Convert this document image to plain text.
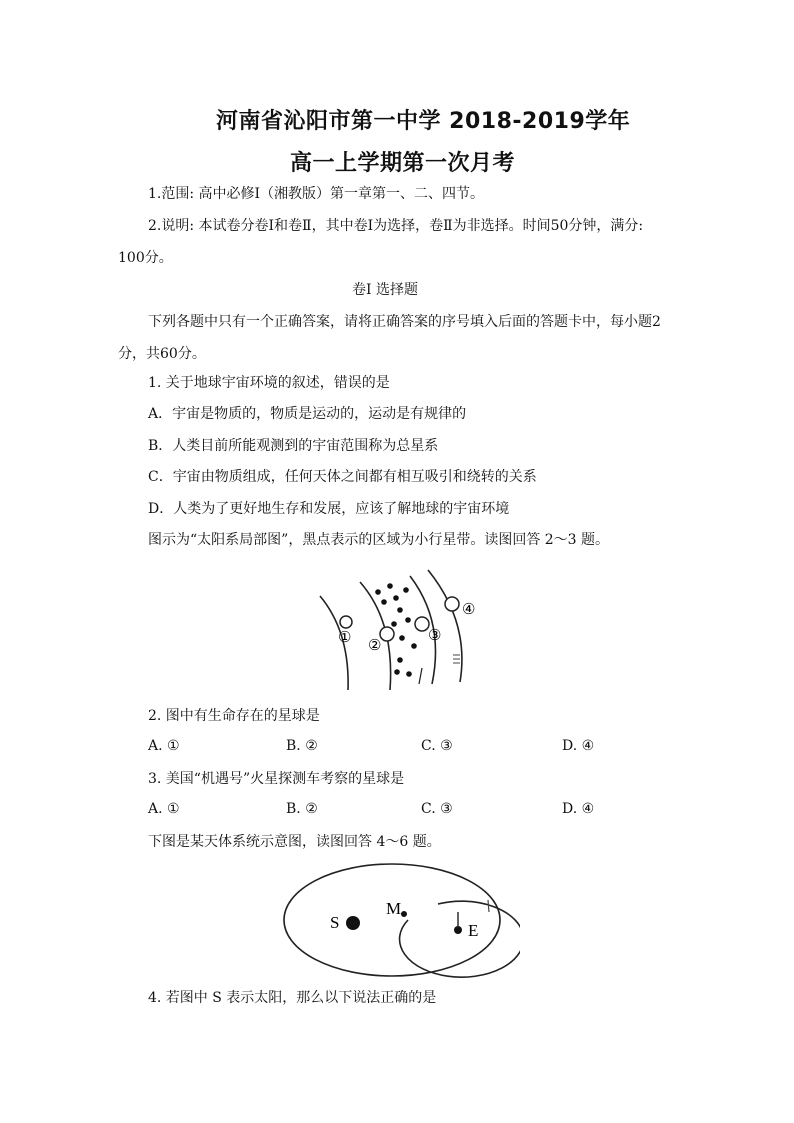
河南省沁阳市第一中学 2018-2019学年
高一上学期第一次月考
1.范围: 高中必修Ⅰ（湘教版）第一章第一、二、四节。
2.说明: 本试卷分卷Ⅰ和卷Ⅱ，其中卷Ⅰ为选择，卷Ⅱ为非选择。时间50分钟，满分:
100分。
卷Ⅰ 选择题
下列各题中只有一个正确答案，请将正确答案的序号填入后面的答题卡中，每小题2
分，共60分。
1. 关于地球宇宙环境的叙述，错误的是
A．宇宙是物质的，物质是运动的，运动是有规律的
B．人类目前所能观测到的宇宙范围称为总星系
C．宇宙由物质组成，任何天体之间都有相互吸引和绕转的关系
D．人类为了更好地生存和发展，应该了解地球的宇宙环境
图示为“太阳系局部图”，黑点表示的区域为小行星带。读图回答 2～3 题。
① ②
③
④
2. 图中有生命存在的星球是
A. ①	B. ②	C. ③	D. ④
3. 美国“机遇号”火星探测车考察的星球是
A. ①	B. ②	C. ③	D. ④
下图是某天体系统示意图，读图回答 4～6 题。
S
M
E
4. 若图中 S 表示太阳，那么以下说法正确的是
